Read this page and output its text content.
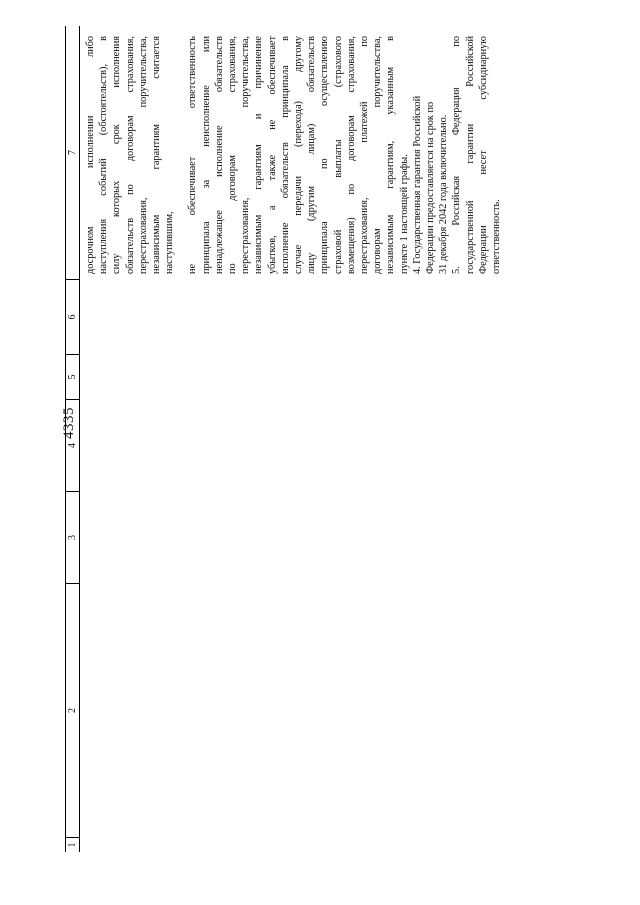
4335
1
2
3
4
5
6
7 досрочном исполнении либо наступления событий (обстоятельств), в силу которых срок исполнения обязательств по договорам страхования, перестрахования, поручительства, независимым гарантиям считается наступившим, не обеспечивает ответственность принципала за неисполнение или ненадлежащее исполнение обязательств по договорам страхования, перестрахования, поручительства, независимым гарантиям и причинение убытков, а также не обеспечивает исполнение обязательств принципала в случае передачи (перехода) другому лицу (другим лицам) обязательств принципала по осуществлению страховой выплаты (страхового возмещения) по договорам страхования, перестрахования, платежей по договорам поручительства, независимым гарантиям, указанным в пункте 1 настоящей графы. 4. Государственная гарантия Российской Федерации предоставляется на срок по 31 декабря 2042 года включительно. 5. Российская Федерация по государственной гарантии Российской Федерации несет субсидиарную ответственность.
